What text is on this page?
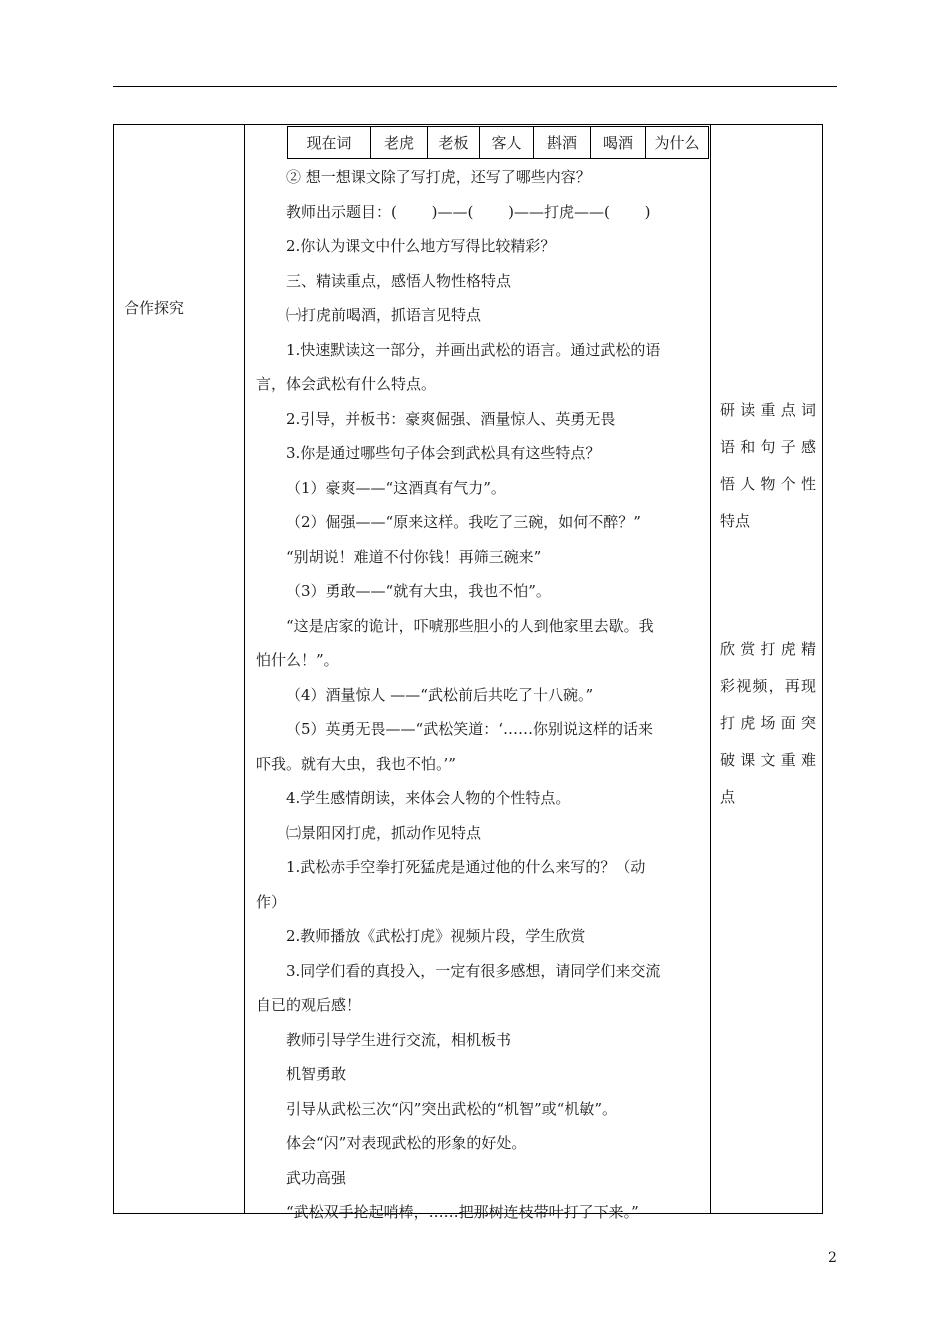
合作探究
现在词	老虎	老板	客人	斟酒	喝酒	为什么
② 想一想课文除了写打虎，还写了哪些内容？
教师出示题目：(　　 )——(　　 )——打虎——(　　 )
2.你认为课文中什么地方写得比较精彩？
三、精读重点，感悟人物性格特点
㈠打虎前喝酒，抓语言见特点
1.快速默读这一部分，并画出武松的语言。通过武松的语
言，体会武松有什么特点。
2.引导，并板书：豪爽倔强、酒量惊人、英勇无畏
3.你是通过哪些句子体会到武松具有这些特点？
（1）豪爽——“这酒真有气力”。
（2）倔强——“原来这样。我吃了三碗，如何不醉？”
“别胡说！难道不付你钱！再筛三碗来”
（3）勇敢——“就有大虫，我也不怕”。
“这是店家的诡计，吓唬那些胆小的人到他家里去歇。我
怕什么！”。
（4）酒量惊人 ——“武松前后共吃了十八碗。”
（5）英勇无畏——“武松笑道：‘……你别说这样的话来
吓我。就有大虫，我也不怕。’”
4.学生感情朗读，来体会人物的个性特点。
㈡景阳冈打虎，抓动作见特点
1.武松赤手空拳打死猛虎是通过他的什么来写的？（动
作）
2.教师播放《武松打虎》视频片段，学生欣赏
3.同学们看的真投入，一定有很多感想，请同学们来交流
自已的观后感！
教师引导学生进行交流，相机板书
机智勇敢
引导从武松三次“闪”突出武松的“机智”或“机敏”。
体会“闪”对表现武松的形象的好处。
武功高强
“武松双手抡起哨棒，……把那树连枝带叶打了下来。”
研读重点词
语和句子感
悟人物个性
特点
欣赏打虎精
彩视频，再现
打虎场面突
破课文重难
点
2
